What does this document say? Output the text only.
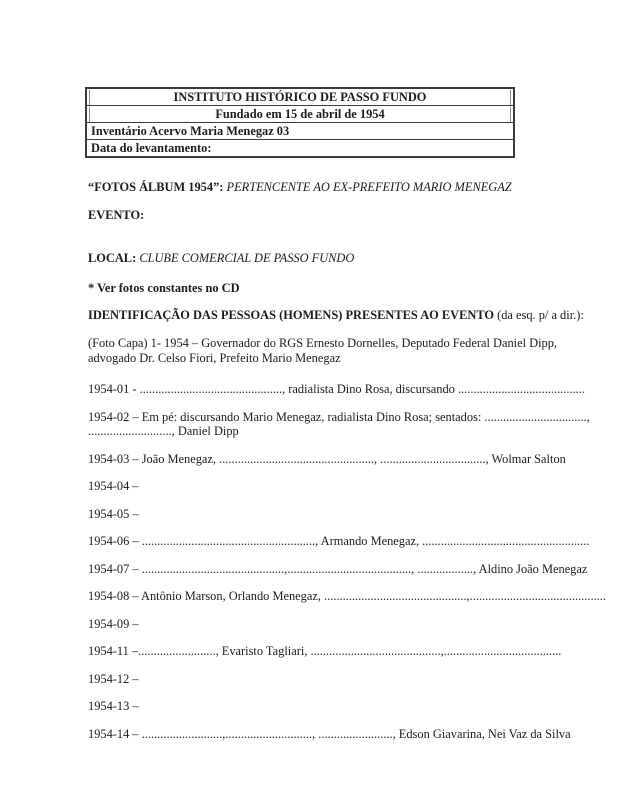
INSTITUTO HISTÓRICO DE PASSO FUNDO
Fundado em 15 de abril de 1954
Inventário Acervo Maria Menegaz 03
Data do levantamento:

“FOTOS ÁLBUM 1954”: PERTENCENTE AO EX-PREFEITO MARIO MENEGAZ

EVENTO:

LOCAL: CLUBE COMERCIAL DE PASSO FUNDO

* Ver fotos constantes no CD

IDENTIFICAÇÃO DAS PESSOAS (HOMENS) PRESENTES AO EVENTO (da esq. p/ a dir.):

(Foto Capa) 1- 1954 – Governador do RGS Ernesto Dornelles, Deputado Federal Daniel Dipp,
advogado Dr. Celso Fiori, Prefeito Mario Menegaz

1954-01 - .............................................., radialista Dino Rosa, discursando .........................................

1954-02 – Em pé: discursando Mario Menegaz, radialista Dino Rosa; sentados: .................................,
..........................., Daniel Dipp

1954-03 – João Menegaz, .................................................., .................................., Wolmar Salton

1954-04 –

1954-05 –

1954-06 – ........................................................, Armando Menegaz, ......................................................

1954-07 – ..............................................,........................................, .................., Aldino João Menegaz

1954-08 – Antônio Marson, Orlando Menegaz, ..............................................,............................................

1954-09 –

1954-11 –........................., Evaristo Tagliari, ..........................................,......................................

1954-12 –

1954-13 –

1954-14 – ..........................,............................, ........................, Edson Giavarina, Nei Vaz da Silva
